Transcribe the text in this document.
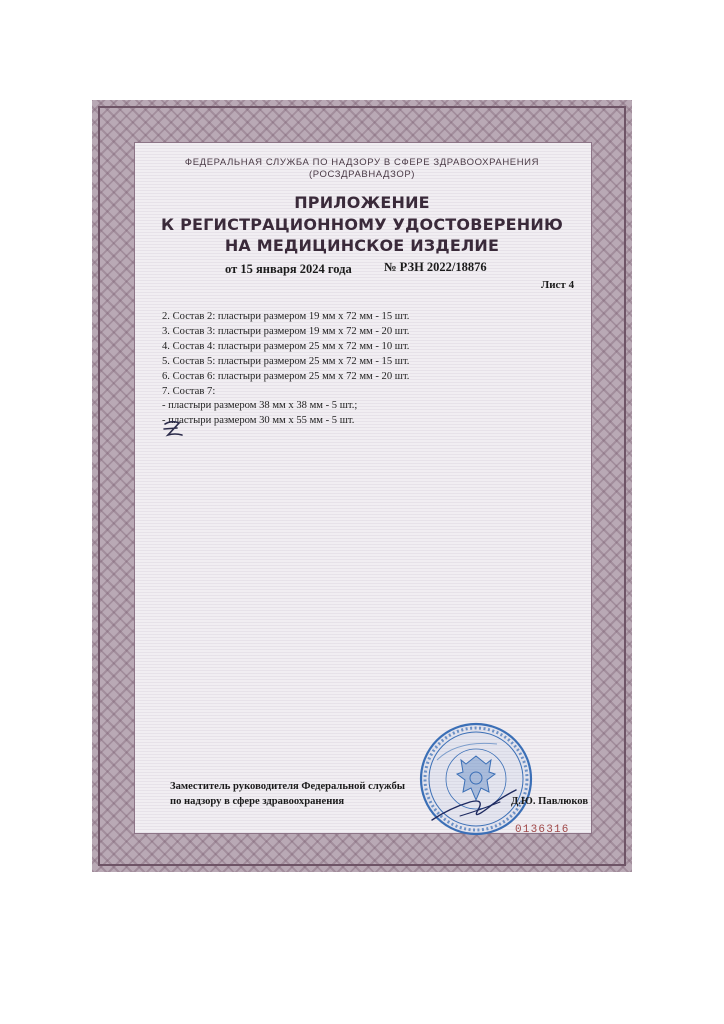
ФЕДЕРАЛЬНАЯ СЛУЖБА ПО НАДЗОРУ В СФЕРЕ ЗДРАВООХРАНЕНИЯ
(РОСЗДРАВНАДЗОР)
ПРИЛОЖЕНИЕ
К РЕГИСТРАЦИОННОМУ УДОСТОВЕРЕНИЮ
НА МЕДИЦИНСКОЕ ИЗДЕЛИЕ
от 15 января 2024 года	№ РЗН 2022/18876
Лист 4
2. Состав 2: пластыри размером 19 мм х 72 мм - 15 шт.
3. Состав 3: пластыри размером 19 мм х 72 мм - 20 шт.
4. Состав 4: пластыри размером 25 мм х 72 мм - 10 шт.
5. Состав 5: пластыри размером 25 мм х 72 мм - 15 шт.
6. Состав 6: пластыри размером 25 мм х 72 мм - 20 шт.
7. Состав 7:
- пластыри размером 38 мм х 38 мм - 5 шт.;
- пластыри размером 30 мм х 55 мм - 5 шт.
Заместитель руководителя Федеральной службы
по надзору в сфере здравоохранения	Д.Ю. Павлюков
0136316
